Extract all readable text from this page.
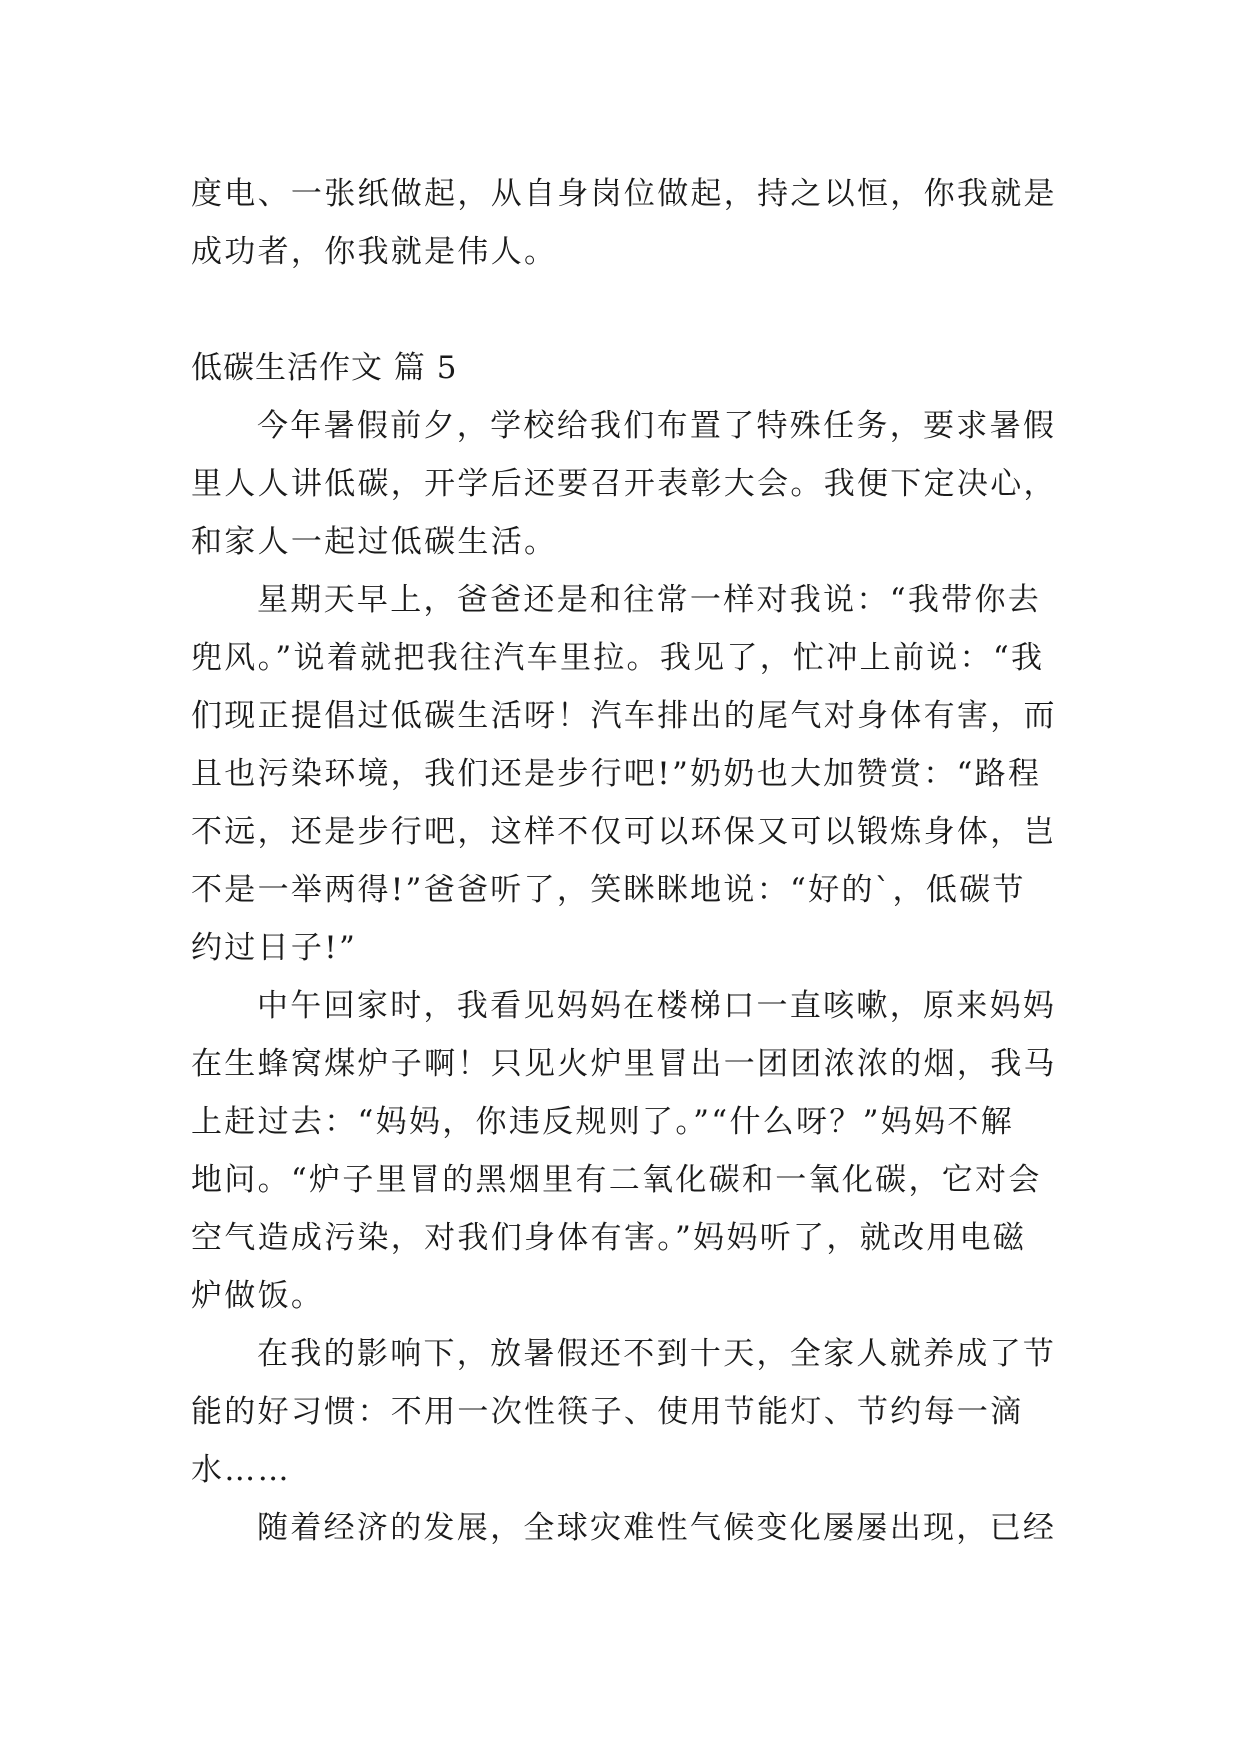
度电、一张纸做起，从自身岗位做起，持之以恒，你我就是
成功者，你我就是伟人。
低碳生活作文 篇 5
今年暑假前夕，学校给我们布置了特殊任务，要求暑假
里人人讲低碳，开学后还要召开表彰大会。我便下定决心，
和家人一起过低碳生活。
星期天早上，爸爸还是和往常一样对我说：“我带你去
兜风。”说着就把我往汽车里拉。我见了，忙冲上前说：“我
们现正提倡过低碳生活呀！汽车排出的尾气对身体有害，而
且也污染环境，我们还是步行吧!”奶奶也大加赞赏：“路程
不远，还是步行吧，这样不仅可以环保又可以锻炼身体，岂
不是一举两得!”爸爸听了，笑眯眯地说：“好的`，低碳节
约过日子!”
中午回家时，我看见妈妈在楼梯口一直咳嗽，原来妈妈
在生蜂窝煤炉子啊！只见火炉里冒出一团团浓浓的烟，我马
上赶过去：“妈妈，你违反规则了。”“什么呀？”妈妈不解
地问。“炉子里冒的黑烟里有二氧化碳和一氧化碳，它对会
空气造成污染，对我们身体有害。”妈妈听了，就改用电磁
炉做饭。
在我的影响下，放暑假还不到十天，全家人就养成了节
能的好习惯：不用一次性筷子、使用节能灯、节约每一滴
水……
随着经济的发展，全球灾难性气候变化屡屡出现，已经
